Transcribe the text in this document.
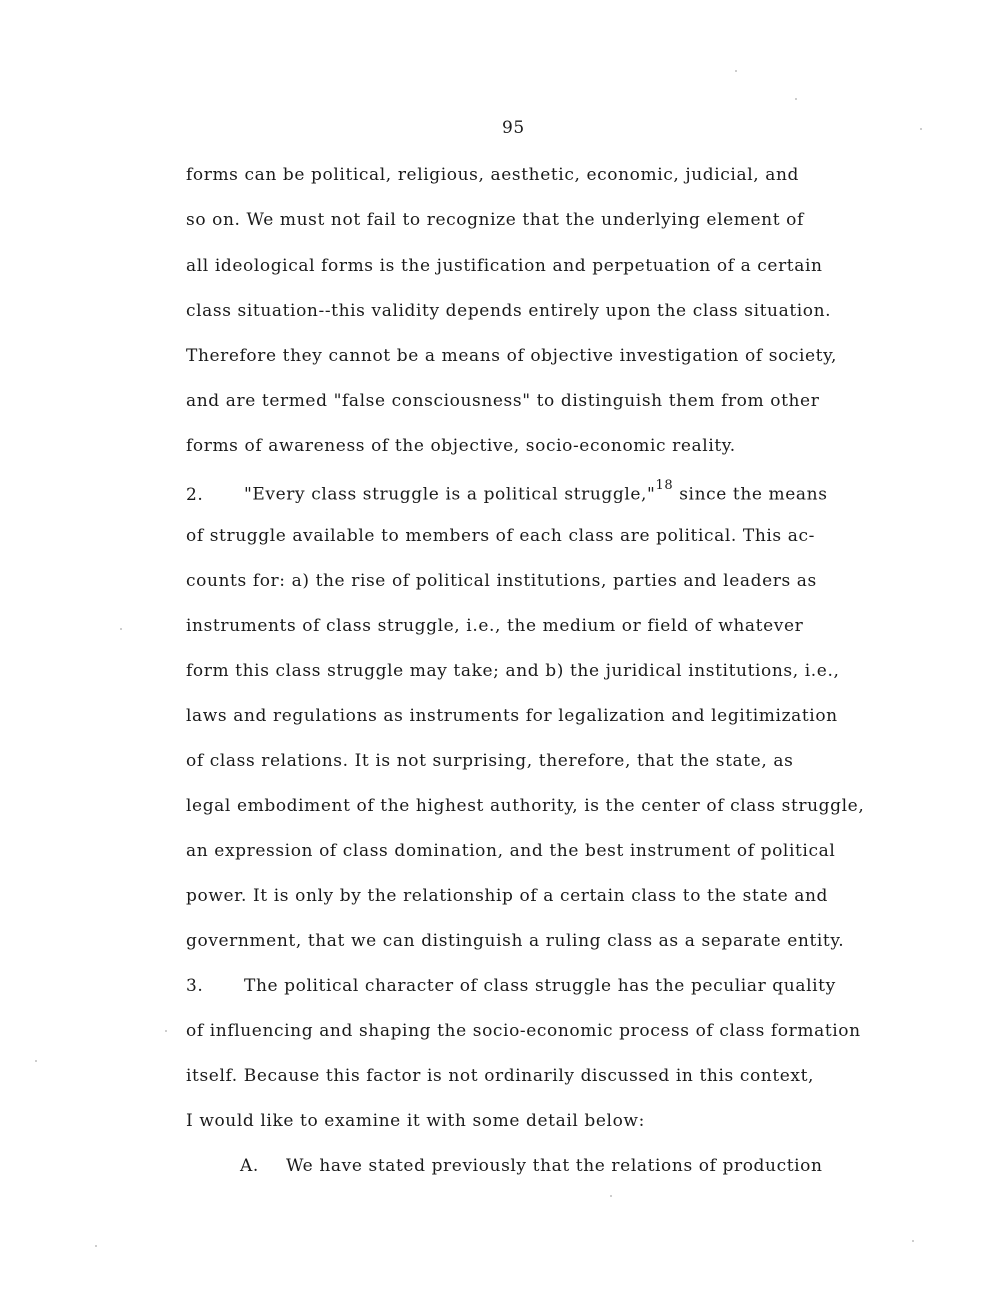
95
forms can be political, religious, aesthetic, economic, judicial, and
so on. We must not fail to recognize that the underlying element of
all ideological forms is the justification and perpetuation of a certain
class situation--this validity depends entirely upon the class situation.
Therefore they cannot be a means of objective investigation of society,
and are termed "false consciousness" to distinguish them from other
forms of awareness of the objective, socio-economic reality.
2. "Every class struggle is a political struggle,"$^{18}$ since the means
of struggle available to members of each class are political. This ac-
counts for: a) the rise of political institutions, parties and leaders as
instruments of class struggle, i.e., the medium or field of whatever
form this class struggle may take; and b) the juridical institutions, i.e.,
laws and regulations as instruments for legalization and legitimization
of class relations. It is not surprising, therefore, that the state, as
legal embodiment of the highest authority, is the center of class struggle,
an expression of class domination, and the best instrument of political
power. It is only by the relationship of a certain class to the state and
government, that we can distinguish a ruling class as a separate entity.
3. The political character of class struggle has the peculiar quality
of influencing and shaping the socio-economic process of class formation
itself. Because this factor is not ordinarily discussed in this context,
I would like to examine it with some detail below:
A. We have stated previously that the relations of production
